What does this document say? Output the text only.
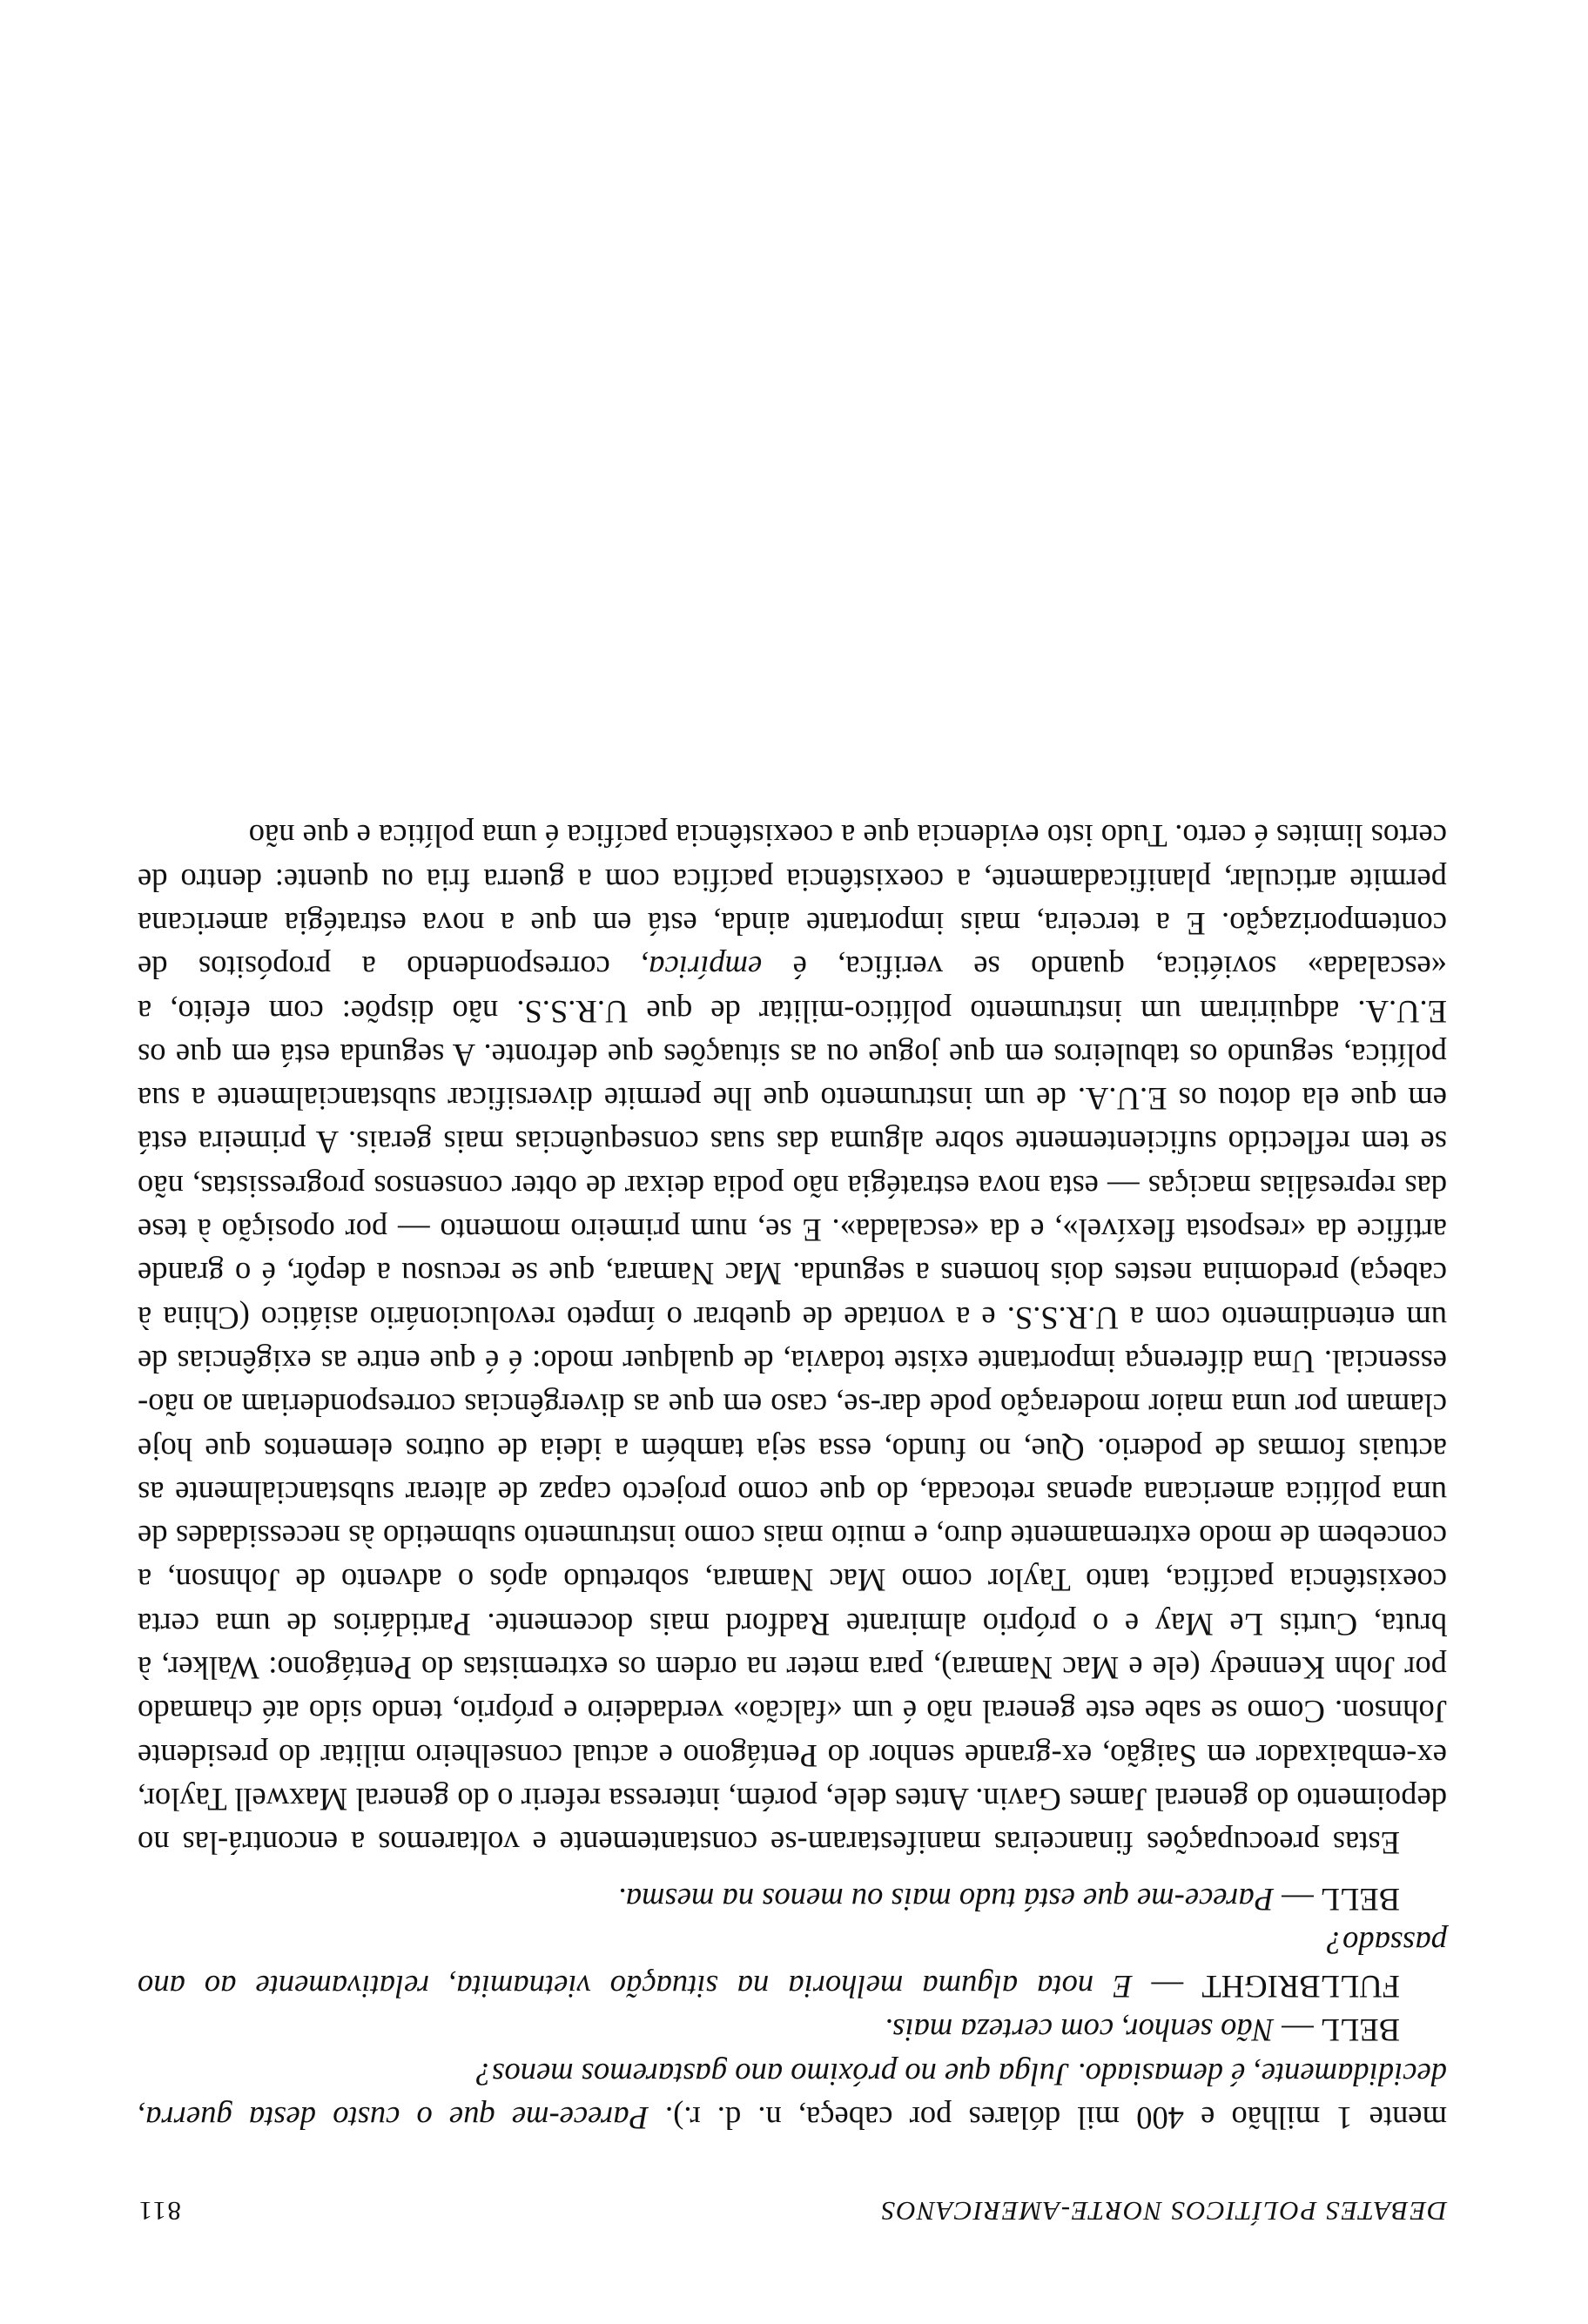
DEBATES POLÍTICOS NORTE-AMERICANOS
811

mente 1 milhão e 400 mil dólares por cabeça, n. d. r.). Parece-me que o custo desta guerra, decididamente, é demasiado. Julga que no próximo ano gastaremos menos?

BELL — Não senhor, com certeza mais.

FULLBRIGHT — E nota alguma melhoria na situação vietnamita, relativamente ao ano passado?

BELL — Parece-me que está tudo mais ou menos na mesma.

Estas preocupações financeiras manifestaram-se constantemente e voltaremos a encontrá-las no depoimento do general James Gavin. Antes dele, porém, interessa referir o do general Maxwell Taylor, ex-embaixador em Saigão, ex-grande senhor do Pentágono e actual conselheiro militar do presidente Johnson. Como se sabe este general não é um «falcão» verdadeiro e próprio, tendo sido até chamado por John Kennedy (ele e Mac Namara), para meter na ordem os extremistas do Pentágono: Walker, à bruta, Curtis Le May e o próprio almirante Radford mais docemente. Partidários de uma certa coexistência pacífica, tanto Taylor como Mac Namara, sobretudo após o advento de Johnson, a concebem de modo extremamente duro, e muito mais como instrumento submetido às necessidades de uma política americana apenas retocada, do que como projecto capaz de alterar substancialmente as actuais formas de poderio. Que, no fundo, essa seja também a ideia de outros elementos que hoje clamam por uma maior moderação pode dar-se, caso em que as divergências corresponderiam ao não-essencial. Uma diferença importante existe todavia, de qualquer modo: é é que entre as exigências de um entendimento com a U.R.S.S. e a vontade de quebrar o ímpeto revolucionário asiático (China à cabeça) predomina nestes dois homens a segunda. Mac Namara, que se recusou a depôr, é o grande artífice da «resposta flexível», e da «escalada». E se, num primeiro momento — por oposição à tese das represálias maciças — esta nova estratégia não podia deixar de obter consensos progressistas, não se tem reflectido suficientemente sobre alguma das suas consequências mais gerais. A primeira está em que ela dotou os E.U.A. de um instrumento que lhe permite diversificar substancialmente a sua política, segundo os tabuleiros em que jogue ou as situações que defronte. A segunda está em que os E.U.A. adquiriram um instrumento político-militar de que U.R.S.S. não dispõe: com efeito, a «escalada» soviética, quando se verifica, é empírica, correspondendo a propósitos de contemporização. E a terceira, mais importante ainda, está em que a nova estratégia americana permite articular, planificadamente, a coexistência pacífica com a guerra fria ou quente: dentro de certos limites é certo. Tudo isto evidencia que a coexistência pacífica é uma política e que não
